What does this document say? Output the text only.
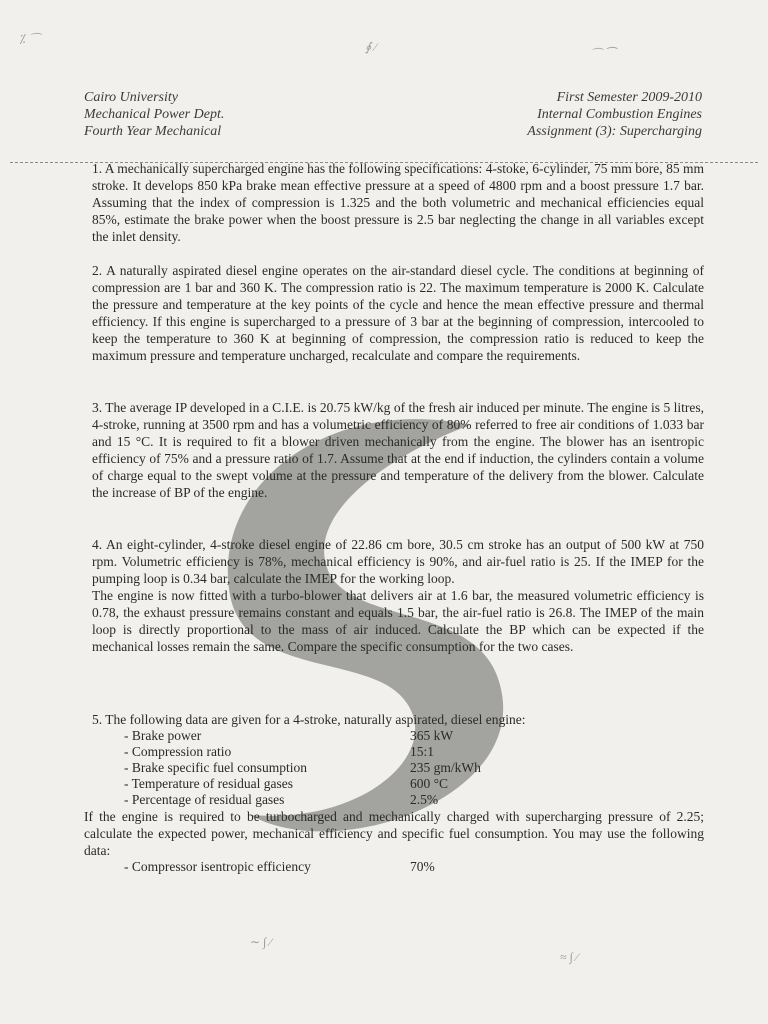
⁒ ⌒
∮ ⁄	⌒ ⁀
∼ ∫ ⁄
≈ ∫ ⁄
Cairo University
Mechanical Power Dept.
Fourth Year Mechanical
First Semester 2009-2010
Internal Combustion Engines
Assignment (3): Supercharging
1. A mechanically supercharged engine has the following specifications: 4-stoke, 6-cylinder, 75 mm bore, 85 mm stroke. It develops 850 kPa brake mean effective pressure at a speed of 4800 rpm and a boost pressure 1.7 bar. Assuming that the index of compression is 1.325 and the both volumetric and mechanical efficiencies equal 85%, estimate the brake power when the boost pressure is 2.5 bar neglecting the change in all variables except the inlet density.
2. A naturally aspirated diesel engine operates on the air-standard diesel cycle. The conditions at beginning of compression are 1 bar and 360 K. The compression ratio is 22. The maximum temperature is 2000 K. Calculate the pressure and temperature at the key points of the cycle and hence the mean effective pressure and thermal efficiency. If this engine is supercharged to a pressure of 3 bar at the beginning of compression, intercooled to keep the temperature to 360 K at beginning of compression, the compression ratio is reduced to keep the maximum pressure and temperature uncharged, recalculate and compare the requirements.
3. The average IP developed in a C.I.E. is 20.75 kW/kg of the fresh air induced per minute. The engine is 5 litres, 4-stroke, running at 3500 rpm and has a volumetric efficiency of 80% referred to free air conditions of 1.033 bar and 15 °C. It is required to fit a blower driven mechanically from the engine. The blower has an isentropic efficiency of 75% and a pressure ratio of 1.7. Assume that at the end if induction, the cylinders contain a volume of charge equal to the swept volume at the pressure and temperature of the delivery from the blower. Calculate the increase of BP of the engine.
4. An eight-cylinder, 4-stroke diesel engine of 22.86 cm bore, 30.5 cm stroke has an output of 500 kW at 750 rpm. Volumetric efficiency is 78%, mechanical efficiency is 90%, and air-fuel ratio is 25. If the IMEP for the pumping loop is 0.34 bar, calculate the IMEP for the working loop.
The engine is now fitted with a turbo-blower that delivers air at 1.6 bar, the measured volumetric efficiency is 0.78, the exhaust pressure remains constant and equals 1.5 bar, the air-fuel ratio is 26.8. The IMEP of the main loop is directly proportional to the mass of air induced. Calculate the BP which can be expected if the mechanical losses remain the same. Compare the specific consumption for the two cases.
5. The following data are given for a 4-stroke, naturally aspirated, diesel engine:
- Brake power	365 kW
- Compression ratio	15:1
- Brake specific fuel consumption	235 gm/kWh
- Temperature of residual gases	600 °C
- Percentage of residual gases	2.5%
If the engine is required to be turbocharged and mechanically charged with supercharging pressure of 2.25; calculate the expected power, mechanical efficiency and specific fuel consumption. You may use the following data:
- Compressor isentropic efficiency	70%
